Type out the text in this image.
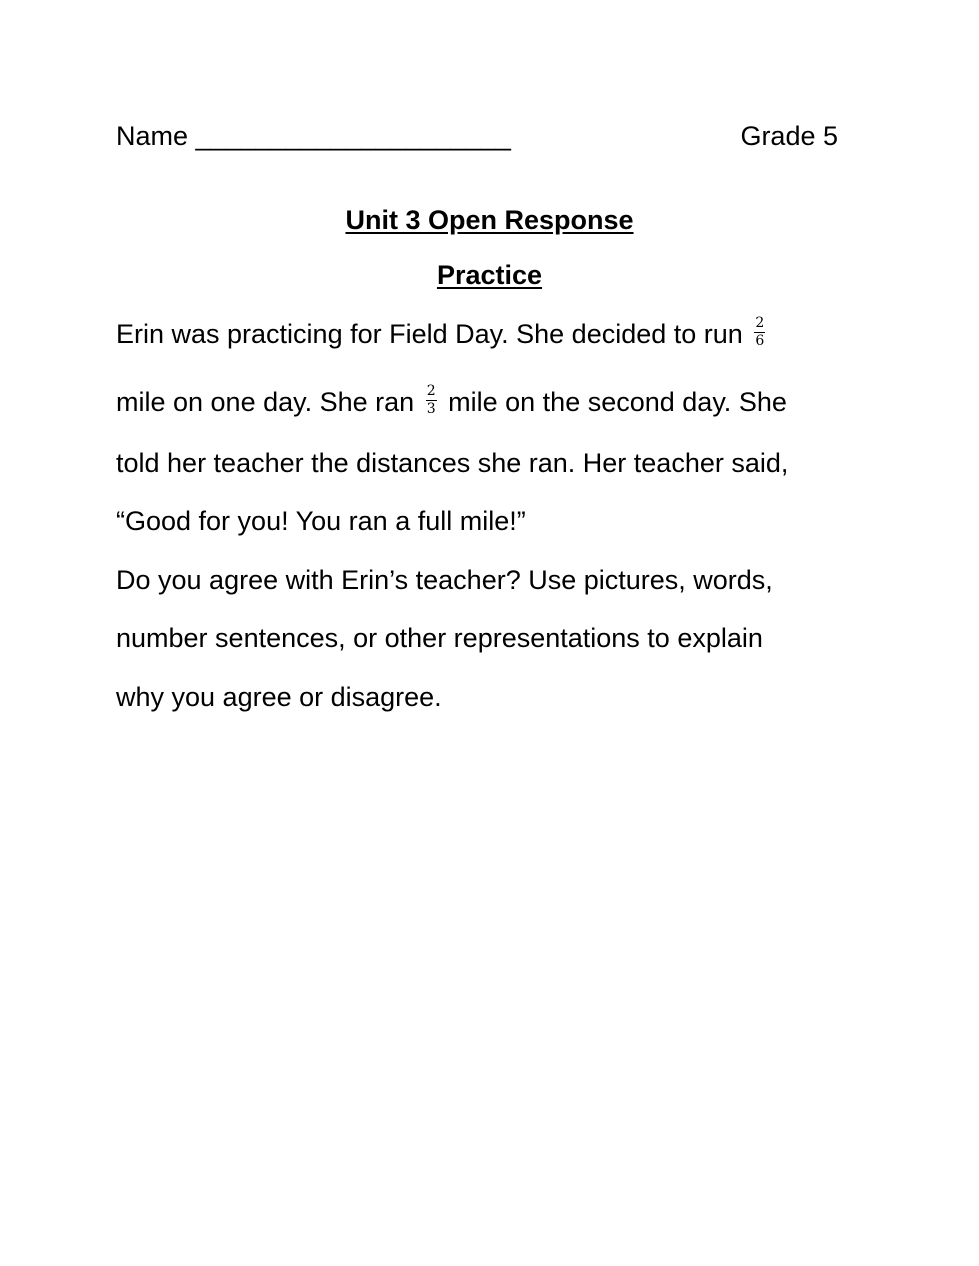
Name _____________________	Grade 5
Unit 3 Open Response
Practice
Erin was practicing for Field Day. She decided to run $\frac{2}{6}$
mile on one day. She ran $\frac{2}{3}$ mile on the second day. She
told her teacher the distances she ran. Her teacher said,
“Good for you! You ran a full mile!”
Do you agree with Erin’s teacher? Use pictures, words,
number sentences, or other representations to explain
why you agree or disagree.
